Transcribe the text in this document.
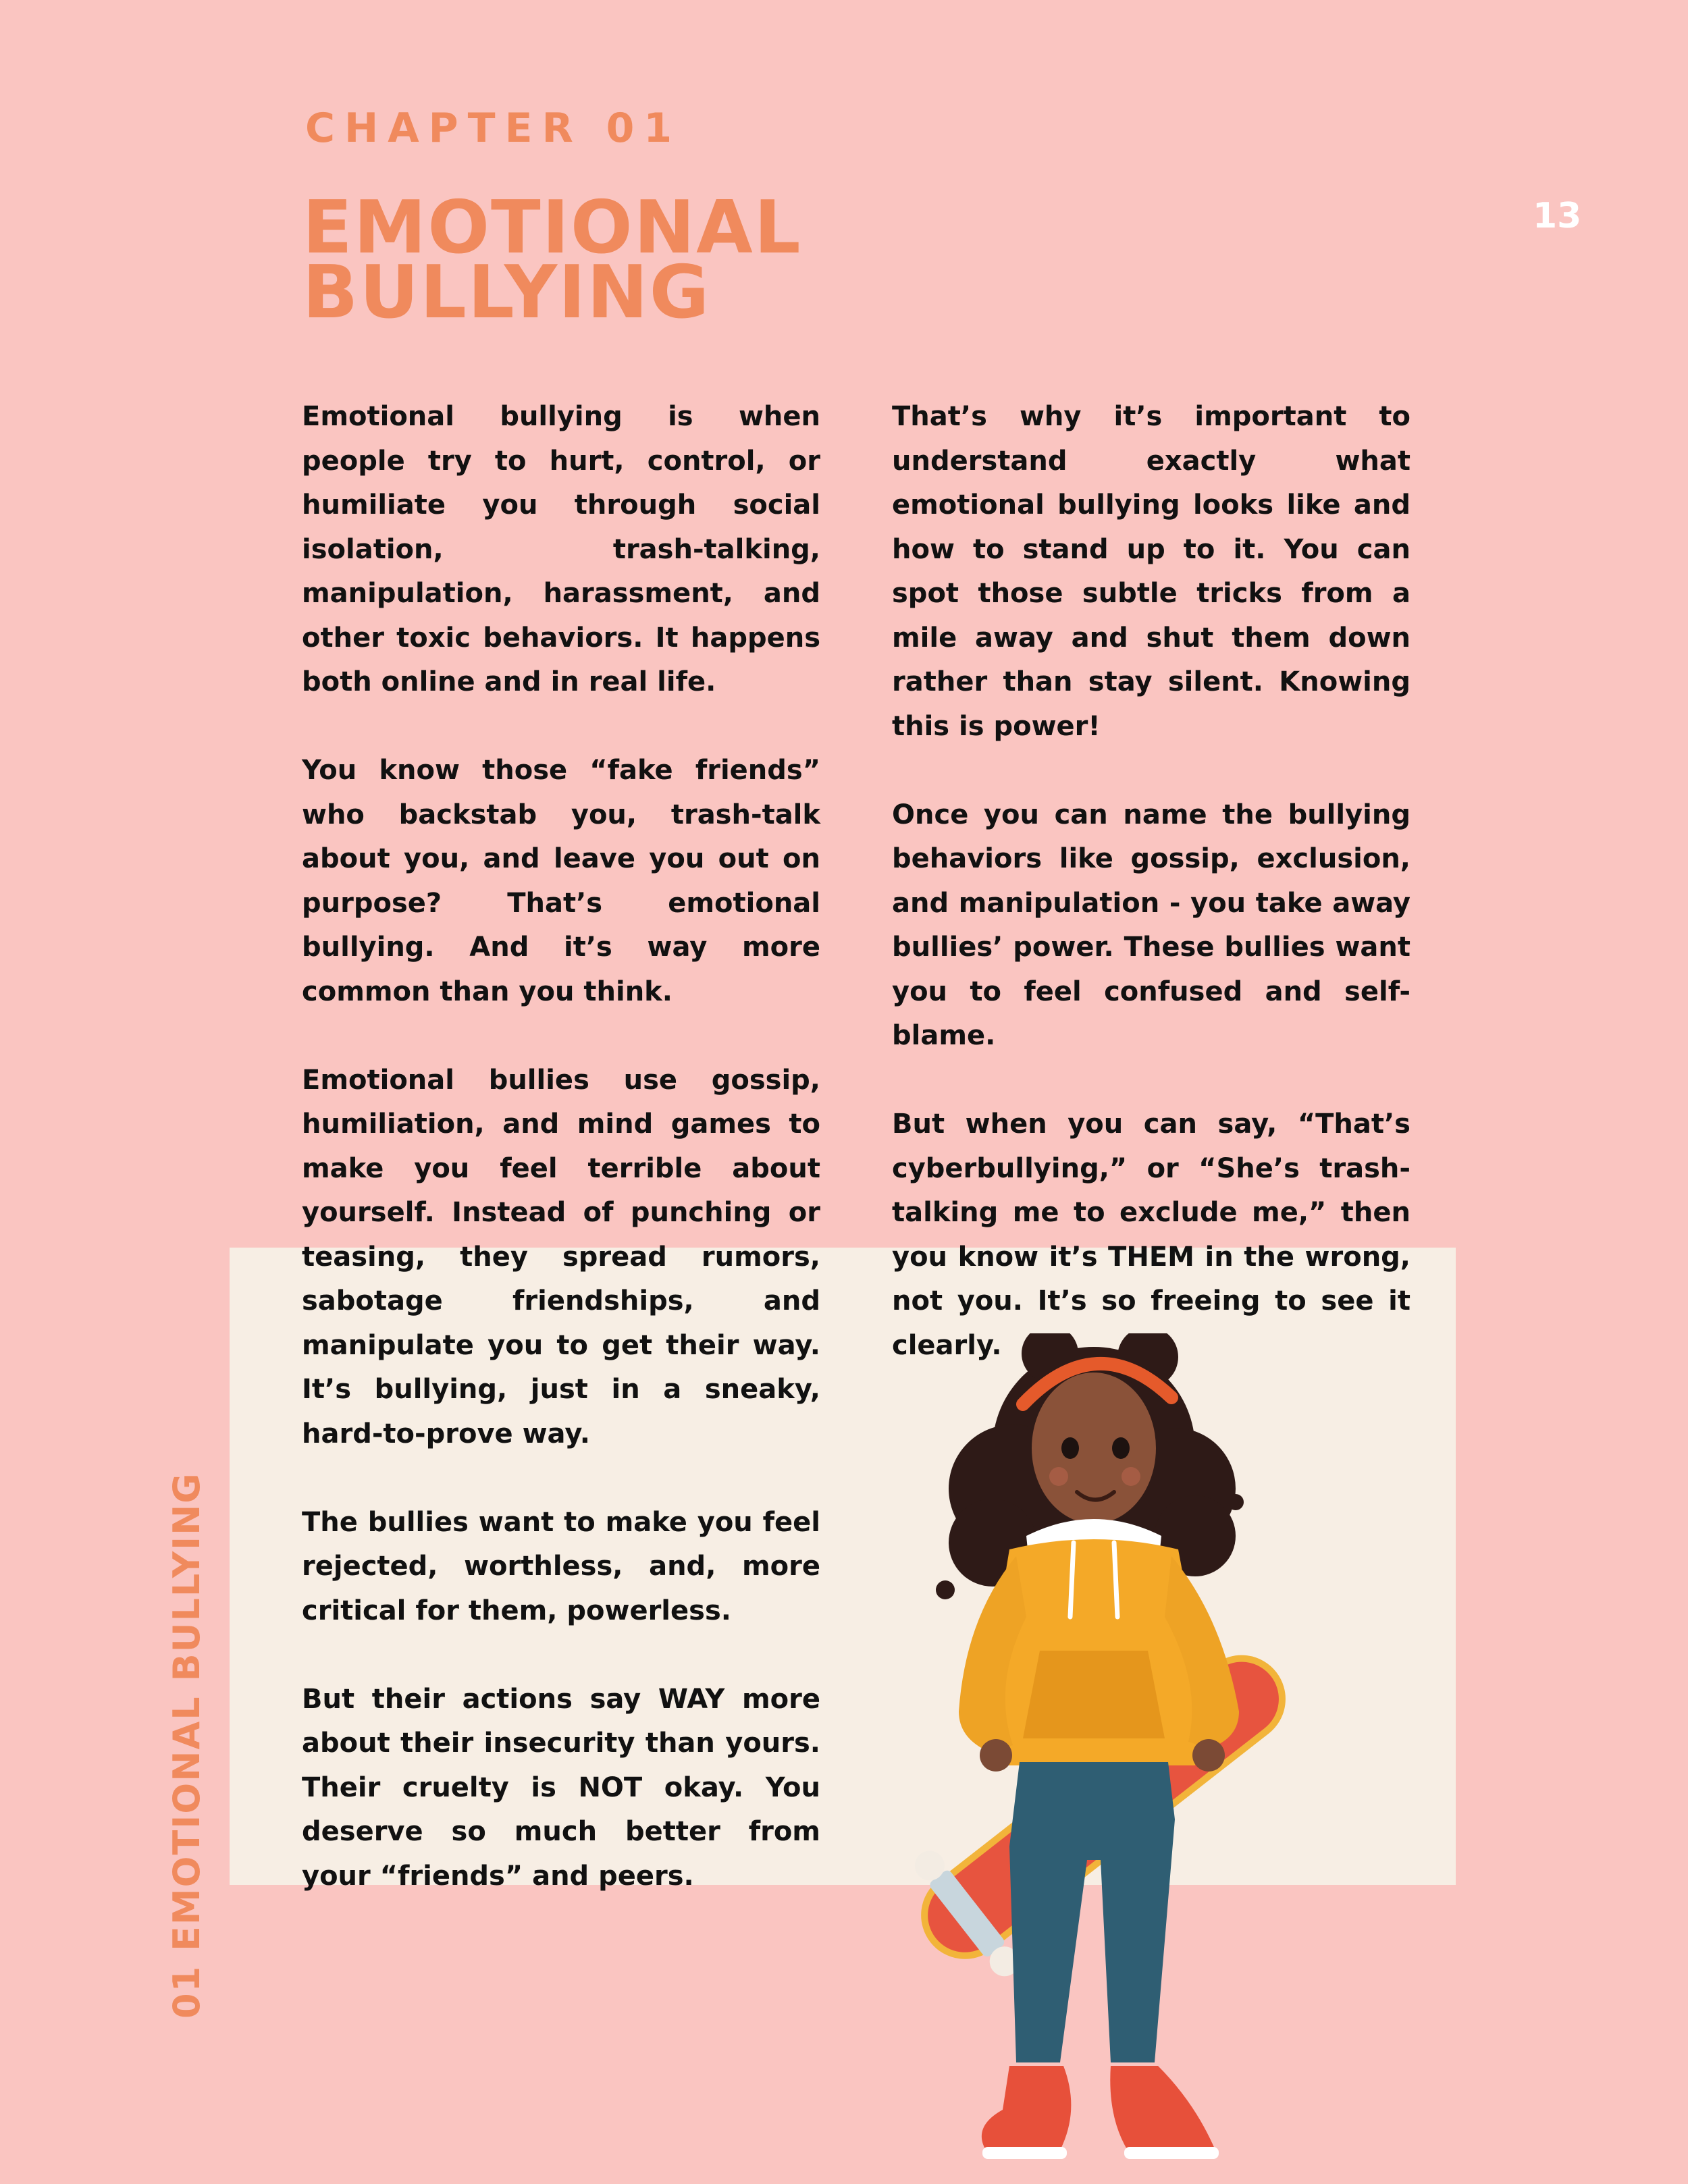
CHAPTER 01
EMOTIONAL
BULLYING
13
01 EMOTIONAL BULLYING

Emotional bullying is when people try to hurt, control, or humiliate you through social isolation, trash-talking, manipulation, harassment, and other toxic behaviors. It happens both online and in real life.

You know those “fake friends” who backstab you, trash-talk about you, and leave you out on purpose? That’s emotional bullying. And it’s way more common than you think.

Emotional bullies use gossip, humiliation, and mind games to make you feel terrible about yourself. Instead of punching or teasing, they spread rumors, sabotage friendships, and manipulate you to get their way. It’s bullying, just in a sneaky, hard-to-prove way.

The bullies want to make you feel rejected, worthless, and, more critical for them, powerless.

But their actions say WAY more about their insecurity than yours. Their cruelty is NOT okay. You deserve so much better from your “friends” and peers.

That’s why it’s important to understand exactly what emotional bullying looks like and how to stand up to it. You can spot those subtle tricks from a mile away and shut them down rather than stay silent. Knowing this is power!

Once you can name the bullying behaviors like gossip, exclusion, and manipulation - you take away bullies’ power. These bullies want you to feel confused and self-blame.

But when you can say, “That’s cyberbullying,” or “She’s trash-talking me to exclude me,” then you know it’s THEM in the wrong, not you. It’s so freeing to see it clearly.
